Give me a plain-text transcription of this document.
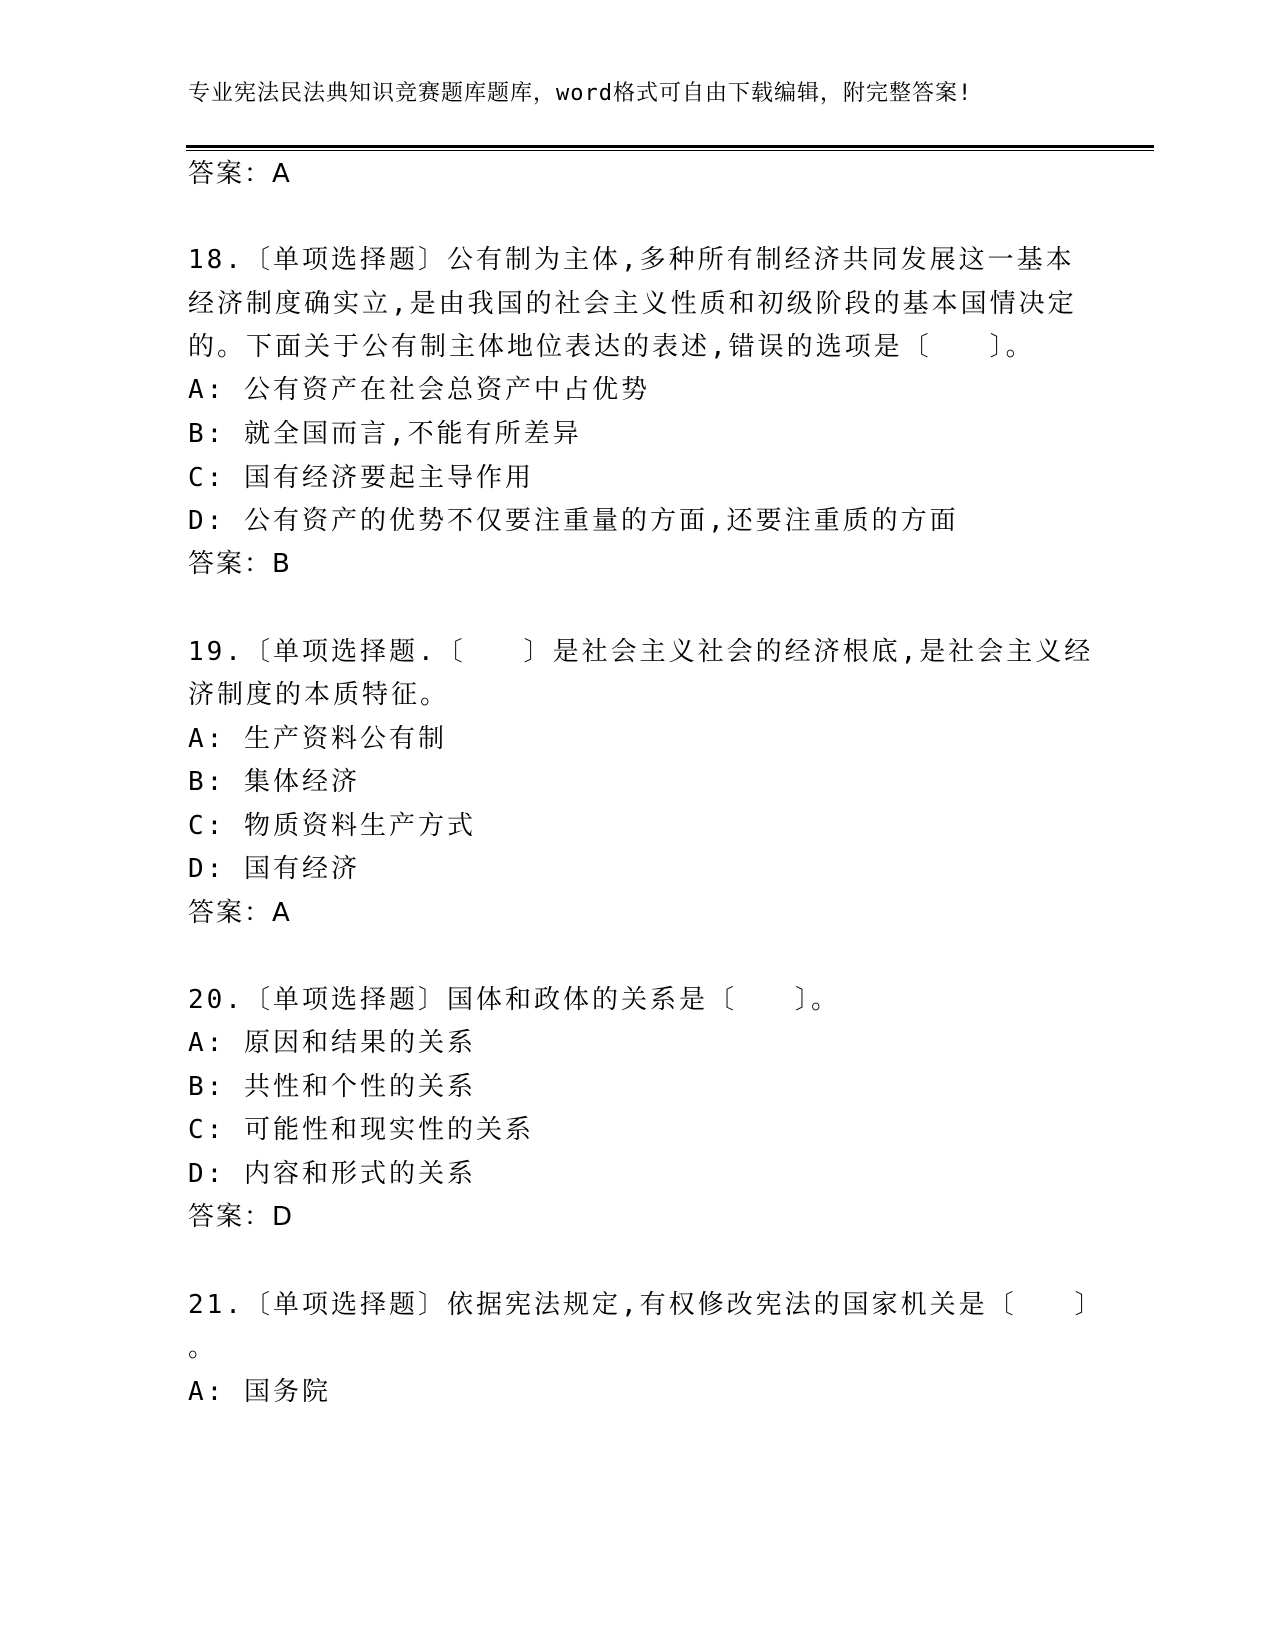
专业宪法民法典知识竞赛题库题库，word格式可自由下载编辑，附完整答案!
答案：A
18.〔单项选择题〕公有制为主体,多种所有制经济共同发展这一基本
经济制度确实立,是由我国的社会主义性质和初级阶段的基本国情决定
的。下面关于公有制主体地位表达的表述,错误的选项是〔　　〕。
A: 公有资产在社会总资产中占优势
B: 就全国而言,不能有所差异
C: 国有经济要起主导作用
D: 公有资产的优势不仅要注重量的方面,还要注重质的方面
答案：B
19.〔单项选择题.〔　　〕是社会主义社会的经济根底,是社会主义经
济制度的本质特征。
A: 生产资料公有制
B: 集体经济
C: 物质资料生产方式
D: 国有经济
答案：A
20.〔单项选择题〕国体和政体的关系是〔　　〕。
A: 原因和结果的关系
B: 共性和个性的关系
C: 可能性和现实性的关系
D: 内容和形式的关系
答案：D
21.〔单项选择题〕依据宪法规定,有权修改宪法的国家机关是〔　　〕
。
A: 国务院
